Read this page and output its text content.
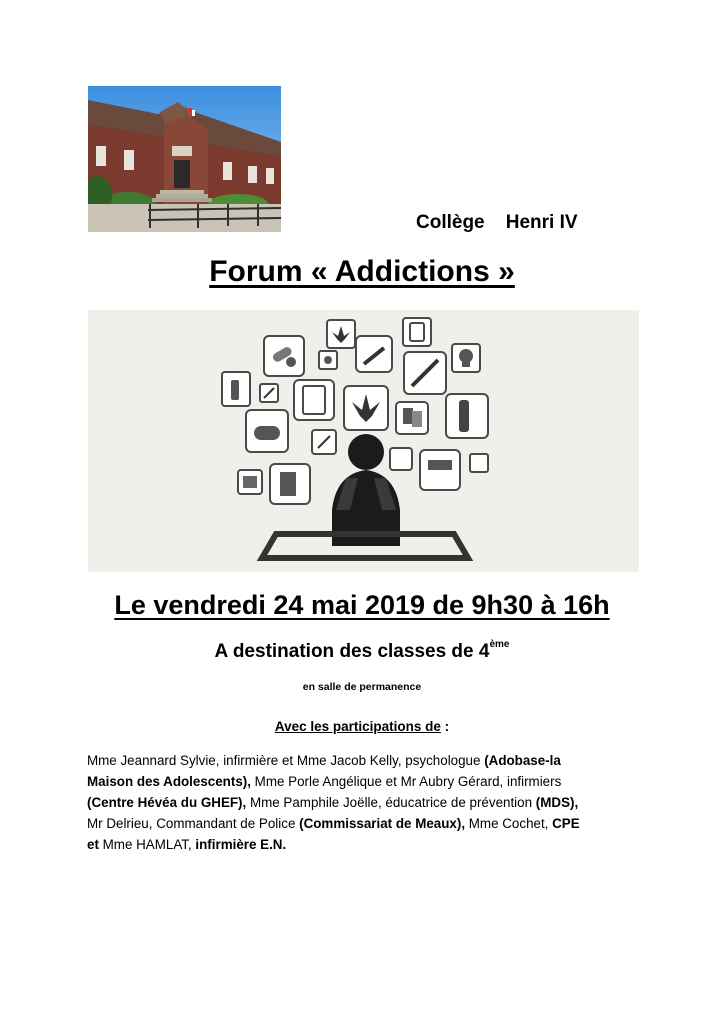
Collège    Henri IV
Forum « Addictions »
Le vendredi 24 mai 2019 de 9h30 à 16h
A destination des classes de 4ème
en salle de permanence
Avec les participations de :
Mme Jeannard Sylvie, infirmière et Mme Jacob Kelly, psychologue (Adobase-la
Maison des Adolescents), Mme Porle Angélique et Mr Aubry Gérard, infirmiers
(Centre Hévéa du GHEF), Mme Pamphile Joëlle, éducatrice de prévention (MDS),
Mr Delrieu, Commandant de Police (Commissariat de Meaux), Mme Cochet, CPE
et Mme HAMLAT, infirmière E.N.
